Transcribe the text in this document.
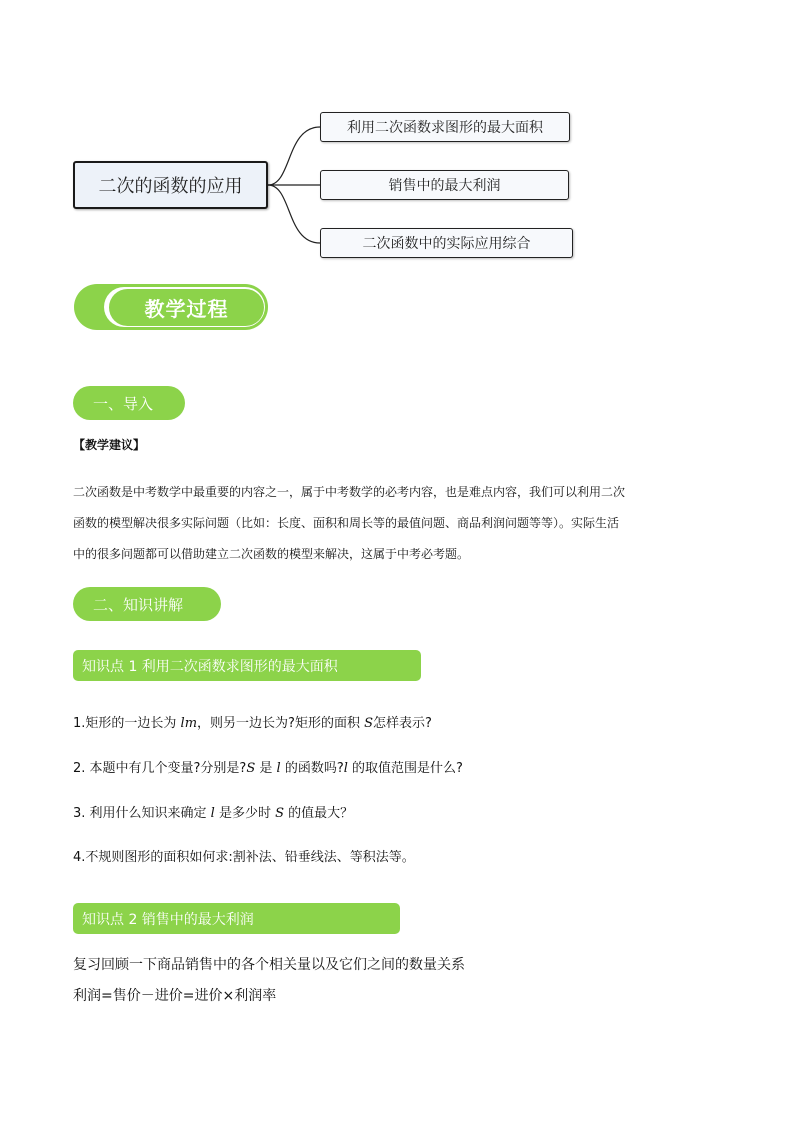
二次的函数的应用
利用二次函数求图形的最大面积
销售中的最大利润
二次函数中的实际应用综合
教学过程
一、导入
【教学建议】
二次函数是中考数学中最重要的内容之一，属于中考数学的必考内容，也是难点内容，我们可以利用二次
函数的模型解决很多实际问题（比如：长度、面积和周长等的最值问题、商品利润问题等等）。实际生活
中的很多问题都可以借助建立二次函数的模型来解决，这属于中考必考题。
二、知识讲解
知识点 1 利用二次函数求图形的最大面积
1.矩形的一边长为 lm，则另一边长为?矩形的面积 S怎样表示?
2. 本题中有几个变量?分别是?S 是 l 的函数吗?l 的取值范围是什么?
3. 利用什么知识来确定 l 是多少时 S 的值最大？
4.不规则图形的面积如何求:割补法、铅垂线法、等积法等。
知识点 2 销售中的最大利润
复习回顾一下商品销售中的各个相关量以及它们之间的数量关系
利润=售价－进价=进价×利润率
